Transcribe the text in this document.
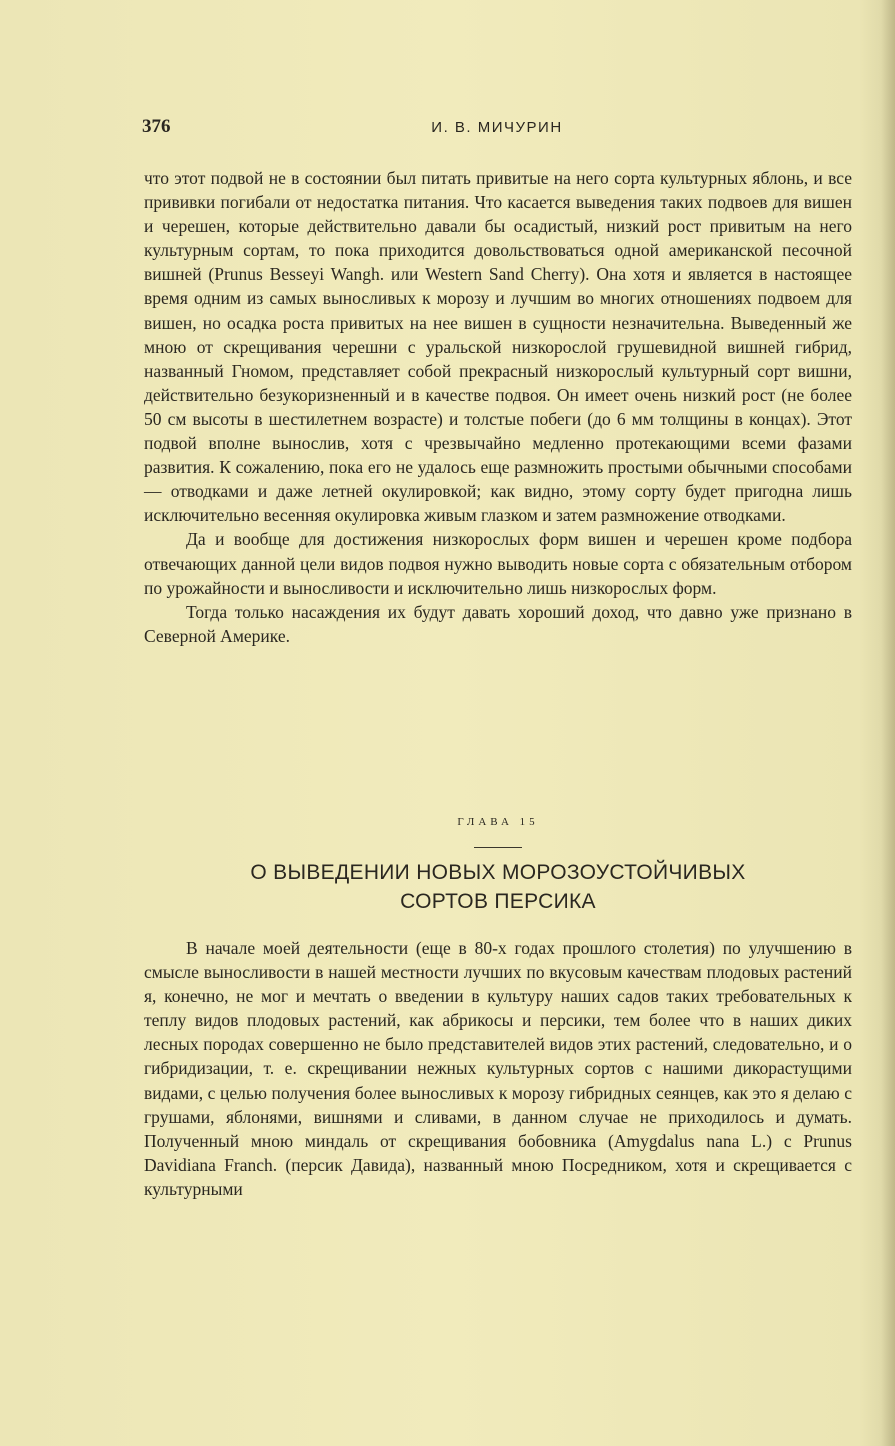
376	И. В. МИЧУРИН

что этот подвой не в состоянии был питать привитые на него сорта культурных яблонь, и все прививки погибали от недостатка питания. Что касается выведения таких подвоев для вишен и черешен, которые действительно давали бы осадистый, низкий рост привитым на него культурным сортам, то пока приходится довольствоваться одной американской песочной вишней (Prunus Besseyi Wangh. или Western Sand Cherry). Она хотя и является в настоящее время одним из самых выносливых к морозу и лучшим во многих отношениях подвоем для вишен, но осадка роста привитых на нее вишен в сущности незначительна. Выведенный же мною от скрещивания черешни с уральской низкорослой грушевидной вишней гибрид, названный Гномом, представляет собой прекрасный низкорослый культурный сорт вишни, действительно безукоризненный и в качестве подвоя. Он имеет очень низкий рост (не более 50 см высоты в шестилетнем возрасте) и толстые побеги (до 6 мм толщины в концах). Этот подвой вполне вынослив, хотя с чрезвычайно медленно протекающими всеми фазами развития. К сожалению, пока его не удалось еще размножить простыми обычными способами — отводками и даже летней окулировкой; как видно, этому сорту будет пригодна лишь исключительно весенняя окулировка живым глазком и затем размножение отводками.

Да и вообще для достижения низкорослых форм вишен и черешен кроме подбора отвечающих данной цели видов подвоя нужно выводить новые сорта с обязательным отбором по урожайности и выносливости и исключительно лишь низкорослых форм.

Тогда только насаждения их будут давать хороший доход, что давно уже признано в Северной Америке.

ГЛАВА 15
О ВЫВЕДЕНИИ НОВЫХ МОРОЗОУСТОЙЧИВЫХ
СОРТОВ ПЕРСИКА

В начале моей деятельности (еще в 80-х годах прошлого столетия) по улучшению в смысле выносливости в нашей местности лучших по вкусовым качествам плодовых растений я, конечно, не мог и мечтать о введении в культуру наших садов таких требовательных к теплу видов плодовых растений, как абрикосы и персики, тем более что в наших диких лесных породах совершенно не было представителей видов этих растений, следовательно, и о гибридизации, т. е. скрещивании нежных культурных сортов с нашими дикорастущими видами, с целью получения более выносливых к морозу гибридных сеянцев, как это я делаю с грушами, яблонями, вишнями и сливами, в данном случае не приходилось и думать. Полученный мною миндаль от скрещивания бобовника (Amygdalus nana L.) с Prunus Davidiana Franch. (персик Давида), названный мною Посредником, хотя и скрещивается с культурными
